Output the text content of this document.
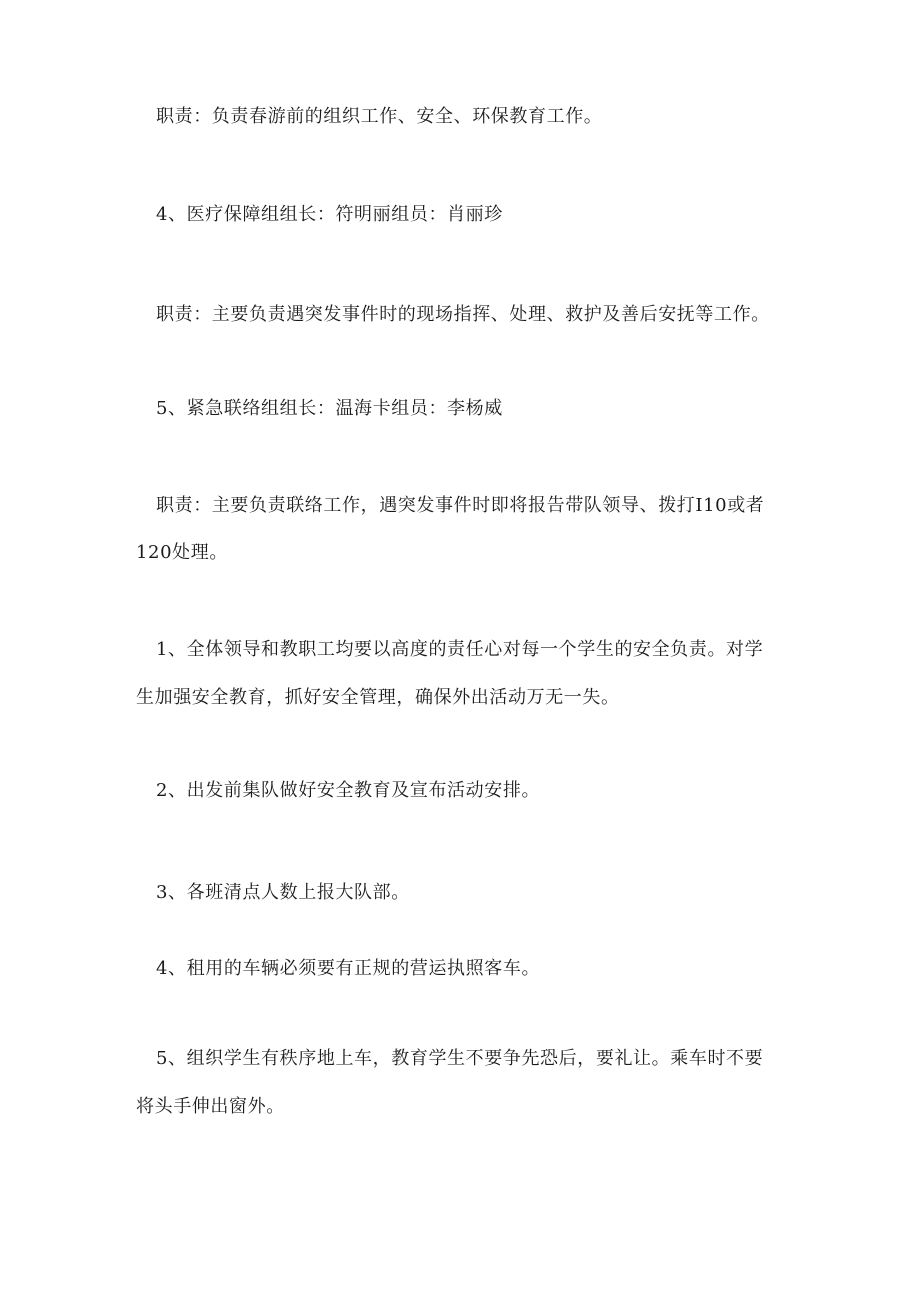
职责：负责春游前的组织工作、安全、环保教育工作。

4、医疗保障组组长：符明丽组员：肖丽珍

职责：主要负责遇突发事件时的现场指挥、处理、救护及善后安抚等工作。

5、紧急联络组组长：温海卡组员：李杨威

职责：主要负责联络工作，遇突发事件时即将报告带队领导、拨打I10或者

120处理。

1、全体领导和教职工均要以高度的责任心对每一个学生的安全负责。对学

生加强安全教育，抓好安全管理，确保外出活动万无一失。

2、出发前集队做好安全教育及宣布活动安排。

3、各班清点人数上报大队部。

4、租用的车辆必须要有正规的营运执照客车。

5、组织学生有秩序地上车，教育学生不要争先恐后，要礼让。乘车时不要

将头手伸出窗外。
